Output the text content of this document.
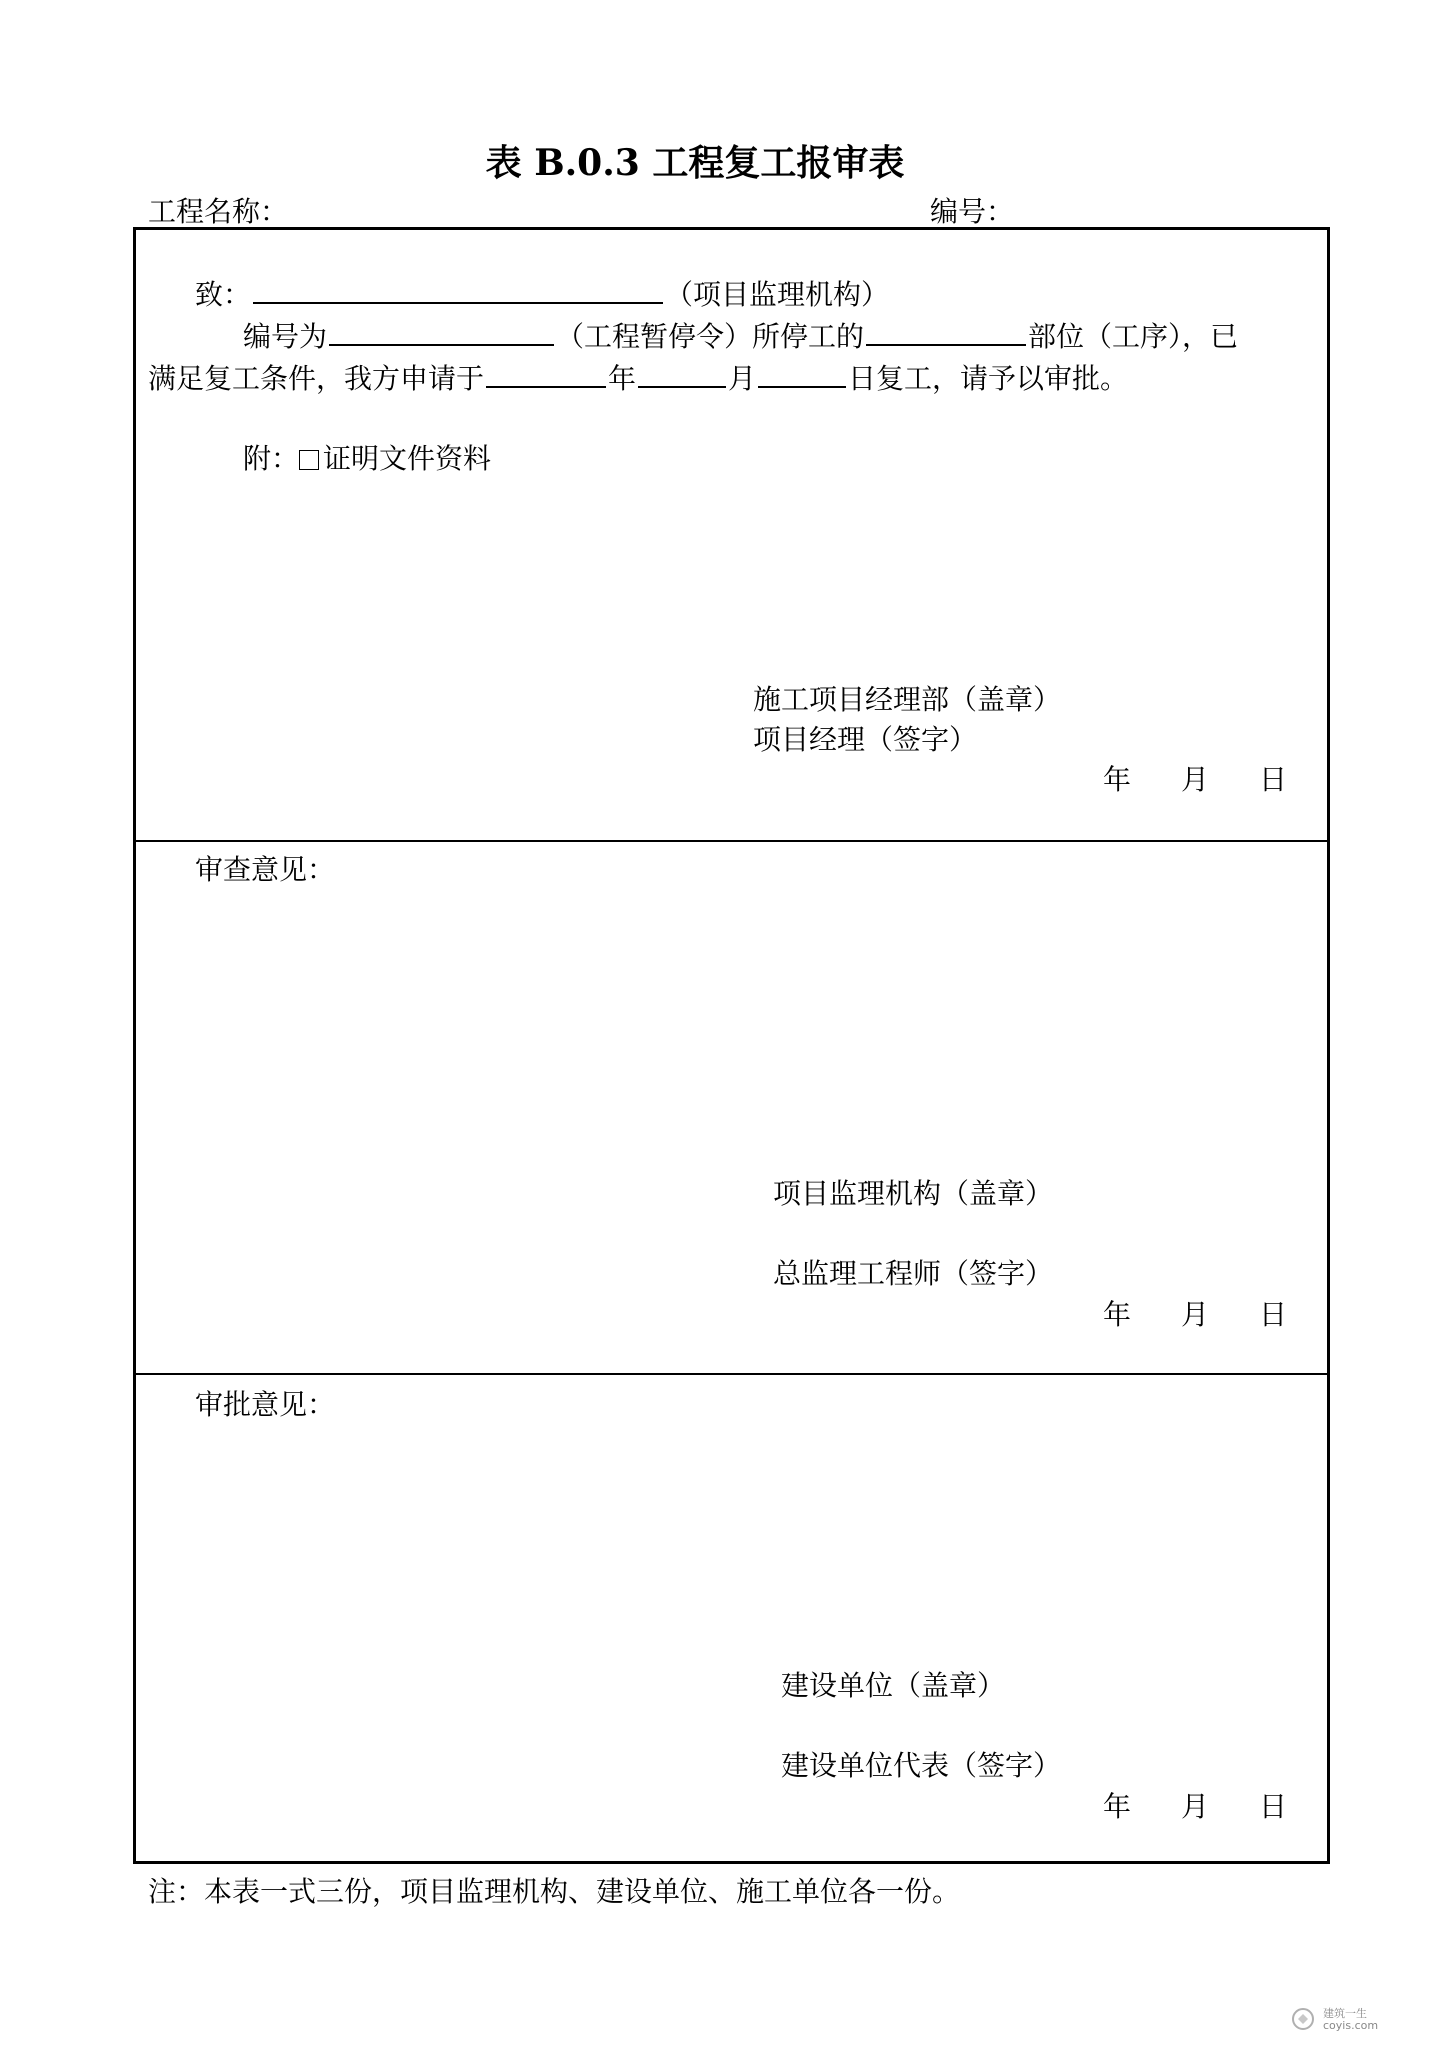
表 B.0.3 工程复工报审表
工程名称：	编号：
致：	（项目监理机构）
编号为	（工程暂停令）所停工的	部位（工序），已
满足复工条件，我方申请于	年	月	日复工，请予以审批。
附： 证明文件资料
施工项目经理部（盖章）
项目经理（签字）
年 月 日
审查意见：
项目监理机构（盖章）
总监理工程师（签字）
年 月 日
审批意见：
建设单位（盖章）
建设单位代表（签字）
年 月 日
注：本表一式三份，项目监理机构、建设单位、施工单位各一份。
建筑一生
coyis.com
